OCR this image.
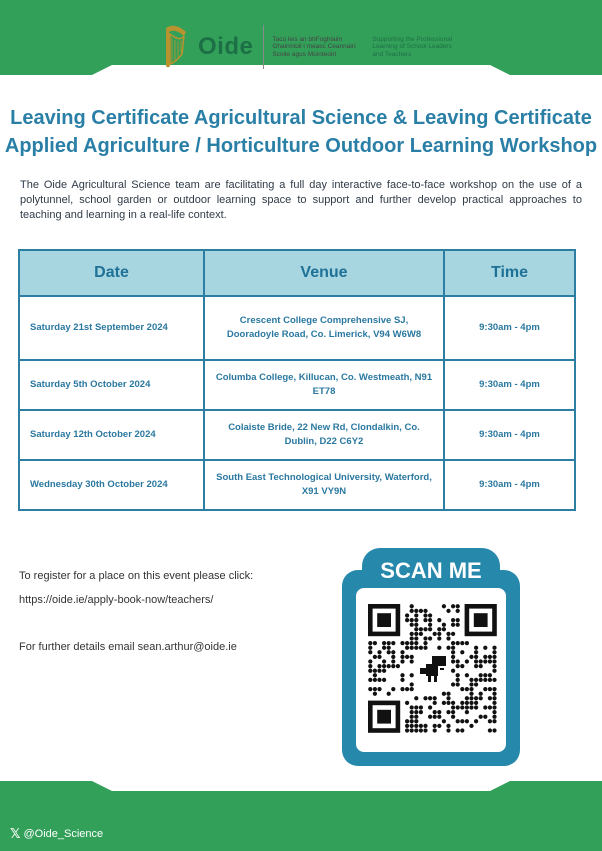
Oide	Tacú leis an bhFoghlaim
Ghairmiúil i measc Ceannairí
Scoile agus Múinteoirí
Supporting the Professional
Learning of School Leaders
and Teachers
Leaving Certificate Agricultural Science & Leaving Certificate
Applied Agriculture / Horticulture Outdoor Learning Workshop

The Oide Agricultural Science team are facilitating a full day interactive face-to-face workshop on the use of a polytunnel, school garden or outdoor learning space to support and further develop practical approaches to teaching and learning in a real-life context.

Date	Venue	Time
Saturday 21st September 2024	Crescent College Comprehensive SJ, Dooradoyle Road, Co. Limerick, V94 W6W8	9:30am - 4pm
Saturday 5th October 2024	Columba College, Killucan, Co. Westmeath, N91 ET78	9:30am - 4pm
Saturday 12th October 2024	Colaiste Bride, 22 New Rd, Clondalkin, Co. Dublin, D22 C6Y2	9:30am - 4pm
Wednesday 30th October 2024	South East Technological University, Waterford, X91 VY9N	9:30am - 4pm

To register for a place on this event please click:

https://oide.ie/apply-book-now/teachers/

For further details email sean.arthur@oide.ie

SCAN ME
𝕏 @Oide_Science
